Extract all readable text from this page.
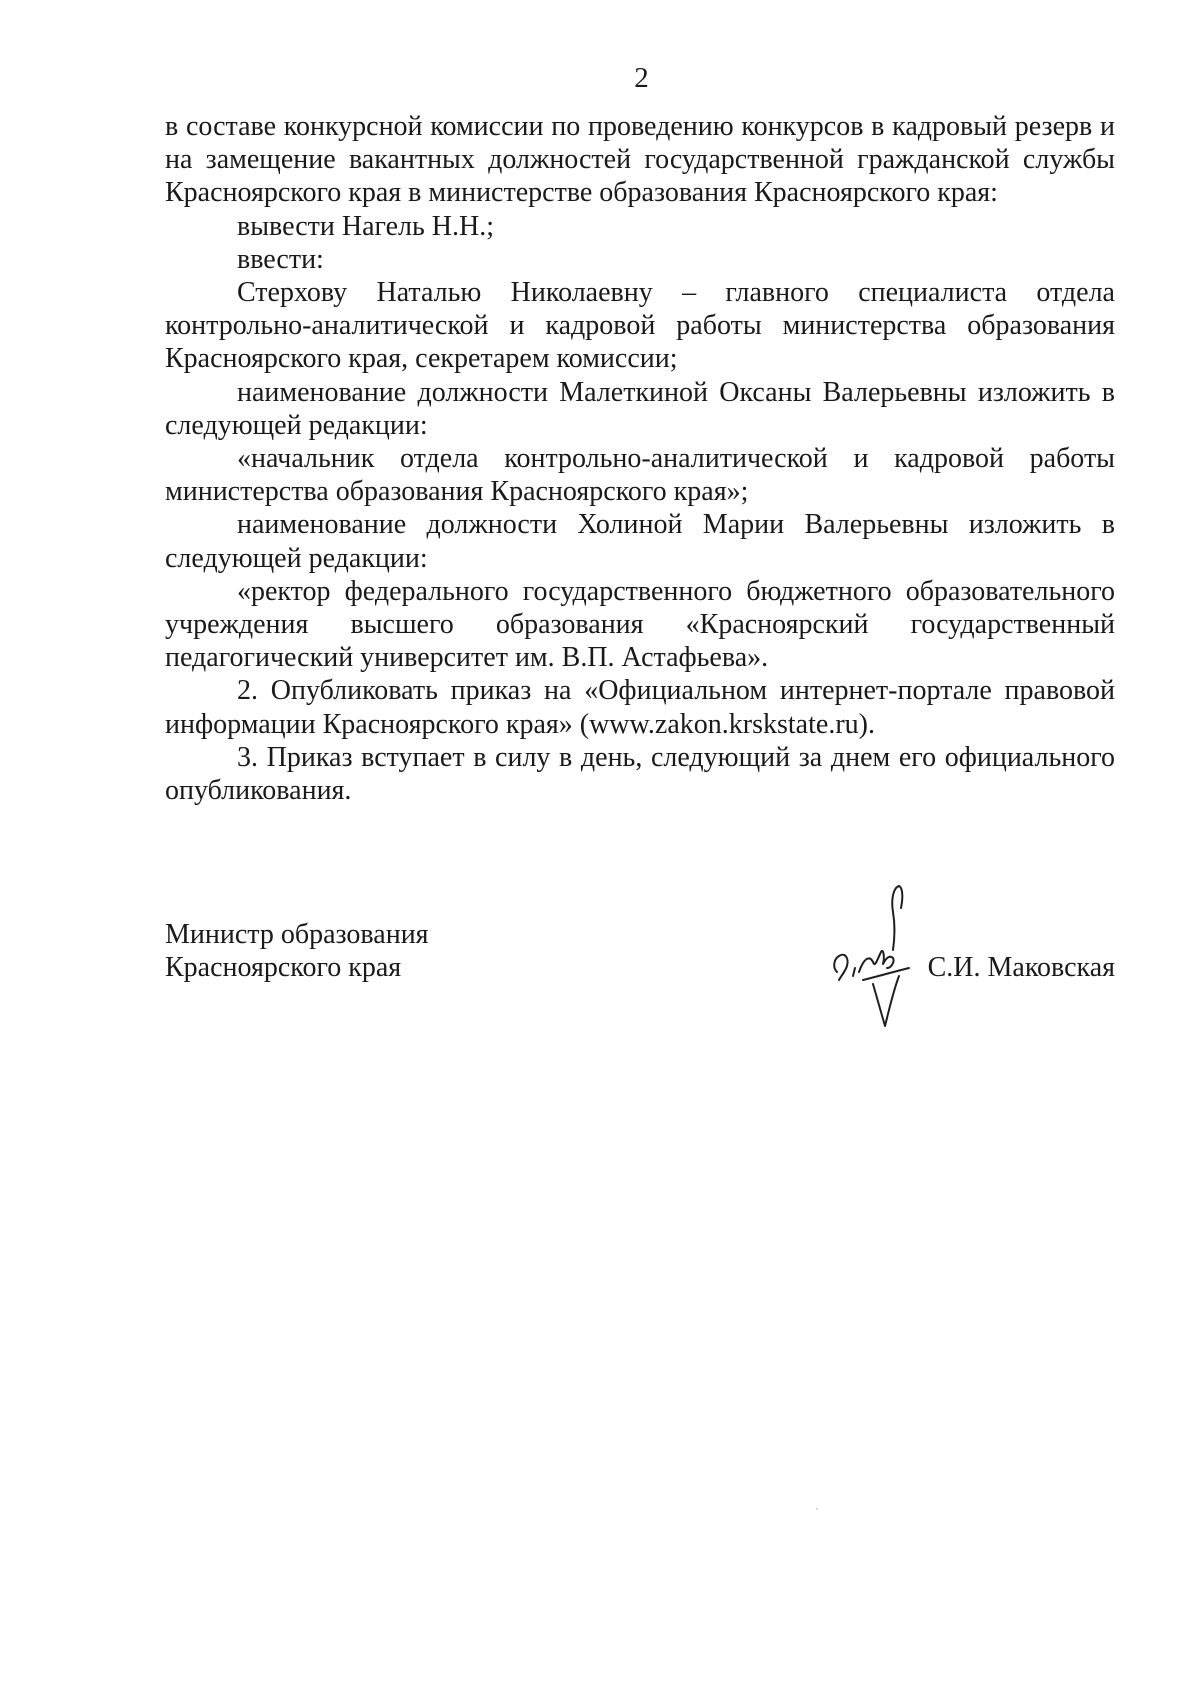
2

в составе конкурсной комиссии по проведению конкурсов в кадровый резерв и на замещение вакантных должностей государственной гражданской службы Красноярского края в министерстве образования Красноярского края:

вывести Нагель Н.Н.;

ввести:

Стерхову Наталью Николаевну – главного специалиста отдела контрольно-аналитической и кадровой работы министерства образования Красноярского края, секретарем комиссии;

наименование должности Малеткиной Оксаны Валерьевны изложить в следующей редакции:

«начальник отдела контрольно-аналитической и кадровой работы министерства образования Красноярского края»;

наименование должности Холиной Марии Валерьевны изложить в следующей редакции:

«ректор федерального государственного бюджетного образовательного учреждения высшего образования «Красноярский государственный педагогический университет им. В.П. Астафьева».

2. Опубликовать приказ на «Официальном интернет-портале правовой информации Красноярского края» (www.zakon.krskstate.ru).

3. Приказ вступает в силу в день, следующий за днем его официального опубликования.

Министр образования
Красноярского края	С.И. Маковская
